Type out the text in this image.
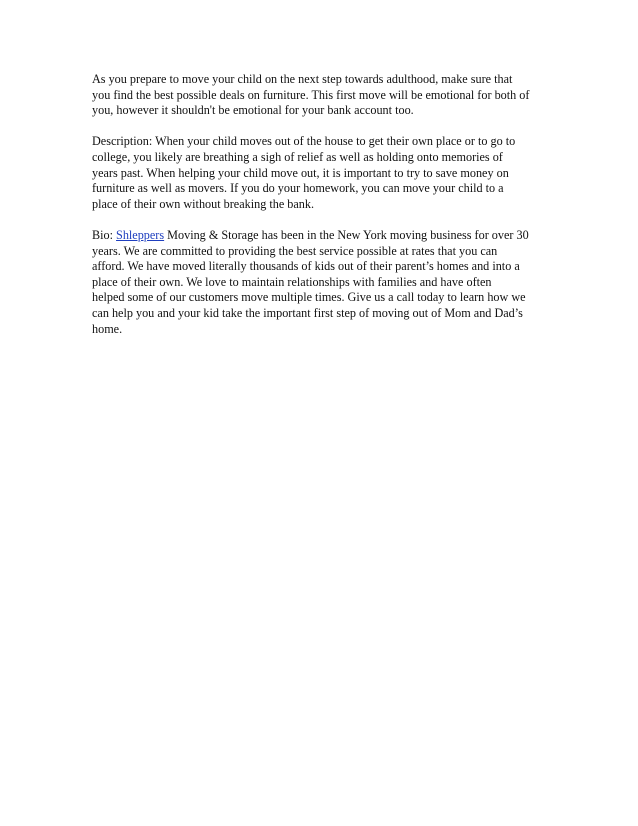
As you prepare to move your child on the next step towards adulthood, make sure that
you find the best possible deals on furniture. This first move will be emotional for both of
you, however it shouldn't be emotional for your bank account too.

Description: When your child moves out of the house to get their own place or to go to
college, you likely are breathing a sigh of relief as well as holding onto memories of
years past. When helping your child move out, it is important to try to save money on
furniture as well as movers. If you do your homework, you can move your child to a
place of their own without breaking the bank.

Bio: Shleppers Moving & Storage has been in the New York moving business for over 30
years. We are committed to providing the best service possible at rates that you can
afford. We have moved literally thousands of kids out of their parent’s homes and into a
place of their own. We love to maintain relationships with families and have often
helped some of our customers move multiple times. Give us a call today to learn how we
can help you and your kid take the important first step of moving out of Mom and Dad’s
home.
